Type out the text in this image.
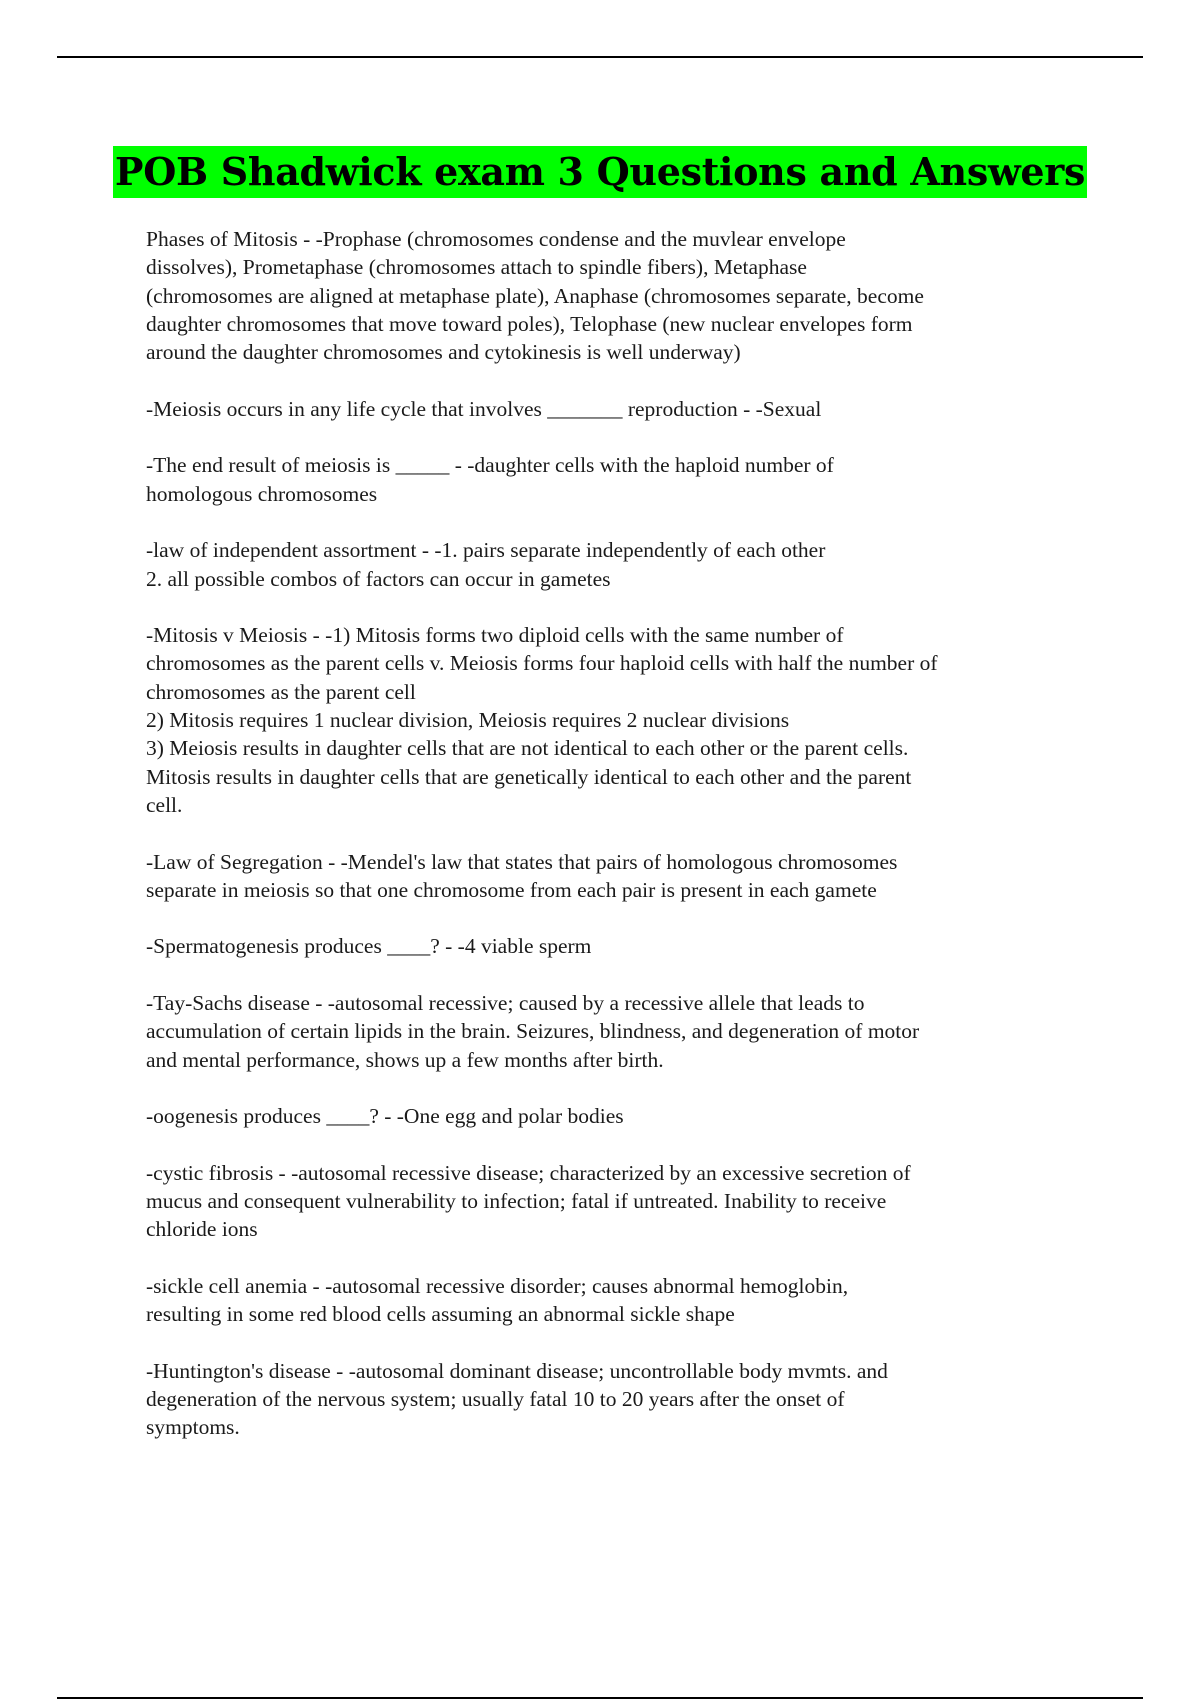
POB Shadwick exam 3 Questions and Answers
Phases of Mitosis - -Prophase (chromosomes condense and the muvlear envelope
dissolves), Prometaphase (chromosomes attach to spindle fibers), Metaphase
(chromosomes are aligned at metaphase plate), Anaphase (chromosomes separate, become
daughter chromosomes that move toward poles), Telophase (new nuclear envelopes form
around the daughter chromosomes and cytokinesis is well underway)
-Meiosis occurs in any life cycle that involves _______ reproduction - -Sexual
-The end result of meiosis is _____ - -daughter cells with the haploid number of
homologous chromosomes
-law of independent assortment - -1. pairs separate independently of each other
2. all possible combos of factors can occur in gametes
-Mitosis v Meiosis - -1) Mitosis forms two diploid cells with the same number of
chromosomes as the parent cells v. Meiosis forms four haploid cells with half the number of
chromosomes as the parent cell
2) Mitosis requires 1 nuclear division, Meiosis requires 2 nuclear divisions
3) Meiosis results in daughter cells that are not identical to each other or the parent cells.
Mitosis results in daughter cells that are genetically identical to each other and the parent
cell.
-Law of Segregation - -Mendel's law that states that pairs of homologous chromosomes
separate in meiosis so that one chromosome from each pair is present in each gamete
-Spermatogenesis produces ____? - -4 viable sperm
-Tay-Sachs disease - -autosomal recessive; caused by a recessive allele that leads to
accumulation of certain lipids in the brain. Seizures, blindness, and degeneration of motor
and mental performance, shows up a few months after birth.
-oogenesis produces ____? - -One egg and polar bodies
-cystic fibrosis - -autosomal recessive disease; characterized by an excessive secretion of
mucus and consequent vulnerability to infection; fatal if untreated. Inability to receive
chloride ions
-sickle cell anemia - -autosomal recessive disorder; causes abnormal hemoglobin,
resulting in some red blood cells assuming an abnormal sickle shape
-Huntington's disease - -autosomal dominant disease; uncontrollable body mvmts. and
degeneration of the nervous system; usually fatal 10 to 20 years after the onset of
symptoms.
